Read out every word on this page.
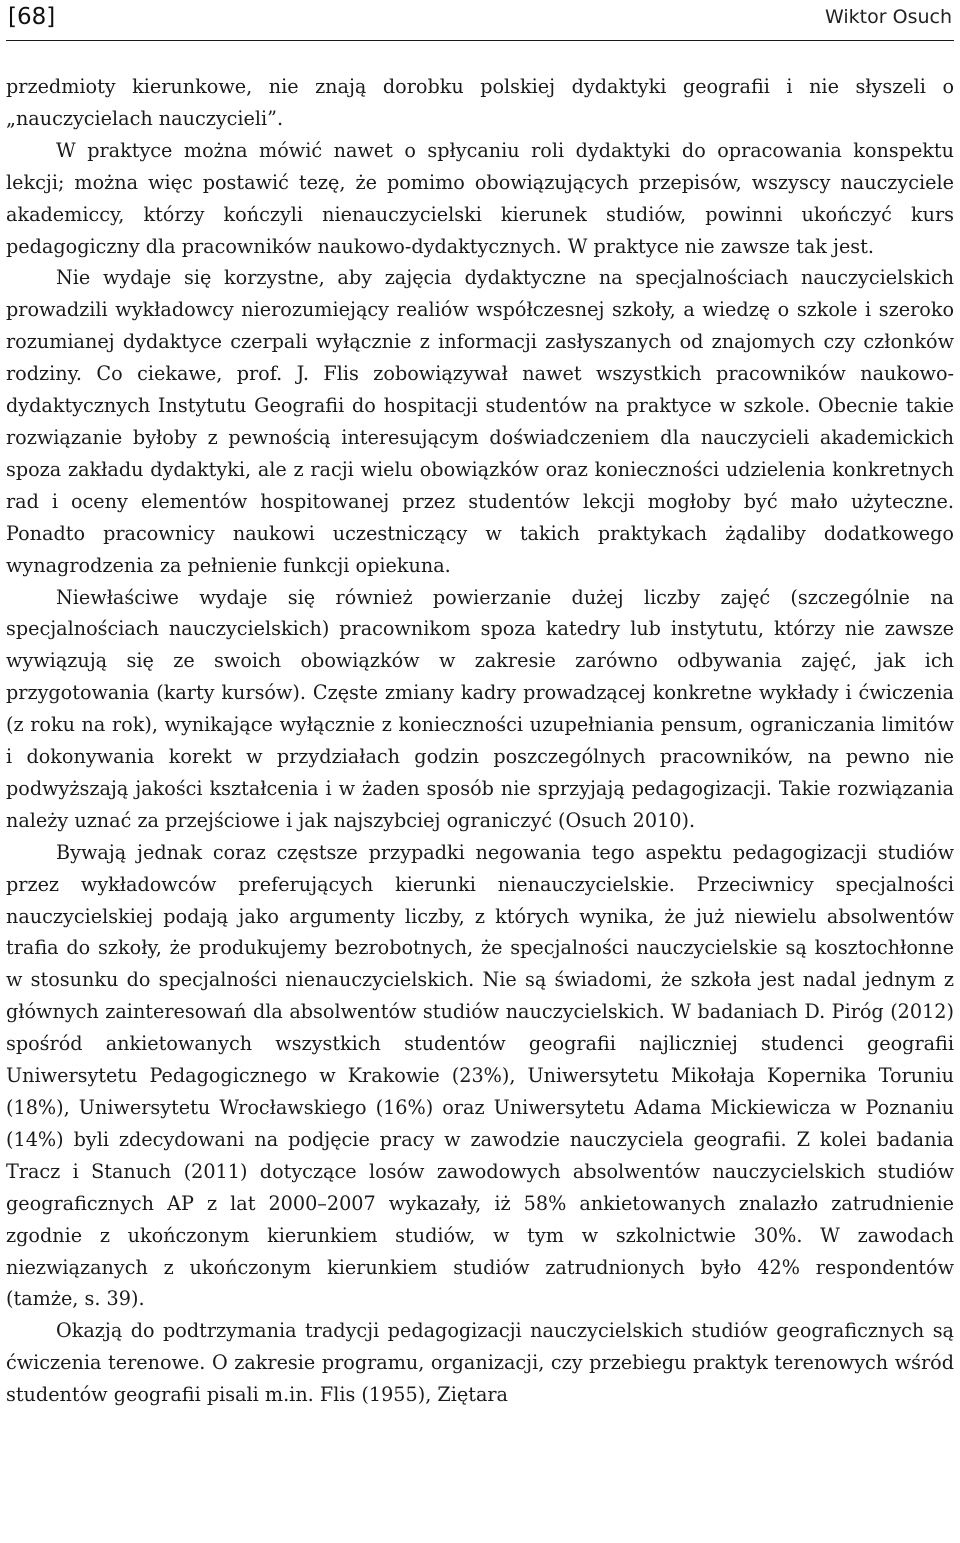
[68]	Wiktor Osuch

przedmioty kierunkowe, nie znają dorobku polskiej dydaktyki geografii i nie słyszeli o „nauczycielach nauczycieli”.

W praktyce można mówić nawet o spłycaniu roli dydaktyki do opracowania konspektu lekcji; można więc postawić tezę, że pomimo obowiązujących przepisów, wszyscy nauczyciele akademiccy, którzy kończyli nienauczycielski kierunek studiów, powinni ukończyć kurs pedagogiczny dla pracowników naukowo-dydaktycznych. W praktyce nie zawsze tak jest.

Nie wydaje się korzystne, aby zajęcia dydaktyczne na specjalnościach nauczycielskich prowadzili wykładowcy nierozumiejący realiów współczesnej szkoły, a wiedzę o szkole i szeroko rozumianej dydaktyce czerpali wyłącznie z informacji zasłyszanych od znajomych czy członków rodziny. Co ciekawe, prof. J. Flis zobowiązywał nawet wszystkich pracowników naukowo-dydaktycznych Instytutu Geografii do hospitacji studentów na praktyce w szkole. Obecnie takie rozwiązanie byłoby z pewnością interesującym doświadczeniem dla nauczycieli akademickich spoza zakładu dydaktyki, ale z racji wielu obowiązków oraz konieczności udzielenia konkretnych rad i oceny elementów hospitowanej przez studentów lekcji mogłoby być mało użyteczne. Ponadto pracownicy naukowi uczestniczący w takich praktykach żądaliby dodatkowego wynagrodzenia za pełnienie funkcji opiekuna.

Niewłaściwe wydaje się również powierzanie dużej liczby zajęć (szczególnie na specjalnościach nauczycielskich) pracownikom spoza katedry lub instytutu, którzy nie zawsze wywiązują się ze swoich obowiązków w zakresie zarówno odbywania zajęć, jak ich przygotowania (karty kursów). Częste zmiany kadry prowadzącej konkretne wykłady i ćwiczenia (z roku na rok), wynikające wyłącznie z konieczności uzupełniania pensum, ograniczania limitów i dokonywania korekt w przydziałach godzin poszczególnych pracowników, na pewno nie podwyższają jakości kształcenia i w żaden sposób nie sprzyjają pedagogizacji. Takie rozwiązania należy uznać za przejściowe i jak najszybciej ograniczyć (Osuch 2010).

Bywają jednak coraz częstsze przypadki negowania tego aspektu pedagogizacji studiów przez wykładowców preferujących kierunki nienauczycielskie. Przeciwnicy specjalności nauczycielskiej podają jako argumenty liczby, z których wynika, że już niewielu absolwentów trafia do szkoły, że produkujemy bezrobotnych, że specjalności nauczycielskie są kosztochłonne w stosunku do specjalności nienauczycielskich. Nie są świadomi, że szkoła jest nadal jednym z głównych zainteresowań dla absolwentów studiów nauczycielskich. W badaniach D. Piróg (2012) spośród ankietowanych wszystkich studentów geografii najliczniej studenci geografii Uniwersytetu Pedagogicznego w Krakowie (23%), Uniwersytetu Mikołaja Kopernika Toruniu (18%), Uniwersytetu Wrocławskiego (16%) oraz Uniwersytetu Adama Mickiewicza w Poznaniu (14%) byli zdecydowani na podjęcie pracy w zawodzie nauczyciela geografii. Z kolei badania Tracz i Stanuch (2011) dotyczące losów zawodowych absolwentów nauczycielskich studiów geograficznych AP z lat 2000–2007 wykazały, iż 58% ankietowanych znalazło zatrudnienie zgodnie z ukończonym kierunkiem studiów, w tym w szkolnictwie 30%. W zawodach niezwiązanych z ukończonym kierunkiem studiów zatrudnionych było 42% respondentów (tamże, s. 39).

Okazją do podtrzymania tradycji pedagogizacji nauczycielskich studiów geograficznych są ćwiczenia terenowe. O zakresie programu, organizacji, czy przebiegu praktyk terenowych wśród studentów geografii pisali m.in. Flis (1955), Ziętara
